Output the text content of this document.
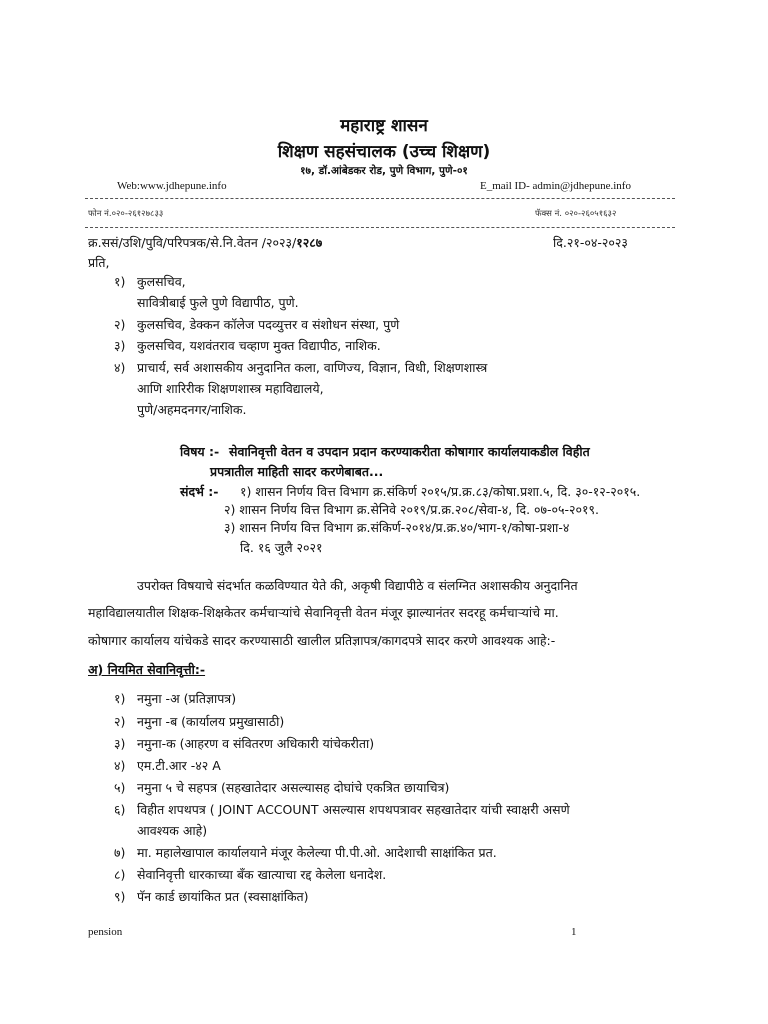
महाराष्ट्र शासन
शिक्षण सहसंचालक (उच्च शिक्षण)
१७, डॉ.आंबेडकर रोड, पुणे विभाग, पुणे-०१
Web:www.jdhepune.info	E_mail ID- admin@jdhepune.info
फोन नं.०२०-२६१२७८३३	फॅक्स नं. ०२०-२६०५१६३२
क्र.ससं/उशि/पुवि/परिपत्रक/से.नि.वेतन /२०२३/१२८७	दि.२१-०४-२०२३
प्रति,
१) कुलसचिव,
सावित्रीबाई फुले पुणे विद्यापीठ, पुणे.
२) कुलसचिव, डेक्कन कॉलेज पदव्युत्तर व संशोधन संस्था, पुणे
३) कुलसचिव, यशवंतराव चव्हाण मुक्त विद्यापीठ, नाशिक.
४) प्राचार्य, सर्व अशासकीय अनुदानित कला, वाणिज्य, विज्ञान, विधी, शिक्षणशास्त्र
आणि शारिरीक शिक्षणशास्त्र महाविद्यालये,
पुणे/अहमदनगर/नाशिक.
विषय :- सेवानिवृत्ती वेतन व उपदान प्रदान करण्याकरीता कोषागार कार्यालयाकडील विहीत
प्रपत्रातील माहिती सादर करणेबाबत...
संदर्भ :- १) शासन निर्णय वित्त विभाग क्र.संकिर्ण २०१५/प्र.क्र.८३/कोषा.प्रशा.५, दि. ३०-१२-२०१५.
२) शासन निर्णय वित्त विभाग क्र.सेनिवे २०१९/प्र.क्र.२०८/सेवा-४, दि. ०७-०५-२०१९.
३) शासन निर्णय वित्त विभाग क्र.संकिर्ण-२०१४/प्र.क्र.४०/भाग-१/कोषा-प्रशा-४
दि. १६ जुलै २०२१
उपरोक्त विषयाचे संदर्भात कळविण्यात येते की, अकृषी विद्यापीठे व संलग्नित अशासकीय अनुदानित
महाविद्यालयातील शिक्षक-शिक्षकेतर कर्मचाऱ्यांचे सेवानिवृत्ती वेतन मंजूर झाल्यानंतर सदरहू कर्मचाऱ्यांचे मा.
कोषागार कार्यालय यांचेकडे सादर करण्यासाठी खालील प्रतिज्ञापत्र/कागदपत्रे सादर करणे आवश्यक आहे:-
अ) नियमित सेवानिवृत्ती:-
१) नमुना -अ (प्रतिज्ञापत्र)
२) नमुना -ब (कार्यालय प्रमुखासाठी)
३) नमुना-क (आहरण व संवितरण अधिकारी यांचेकरीता)
४) एम.टी.आर -४२ A
५) नमुना ५ चे सहपत्र (सहखातेदार असल्यासह दोघांचे एकत्रित छायाचित्र)
६) विहीत शपथपत्र ( JOINT ACCOUNT असल्यास शपथपत्रावर सहखातेदार यांची स्वाक्षरी असणे
आवश्यक आहे)
७) मा. महालेखापाल कार्यालयाने मंजूर केलेल्या पी.पी.ओ. आदेशाची साक्षांकित प्रत.
८) सेवानिवृत्ती धारकाच्या बँक खात्याचा रद्द केलेला धनादेश.
९) पॅन कार्ड छायांकित प्रत (स्वसाक्षांकित)
pension	1
